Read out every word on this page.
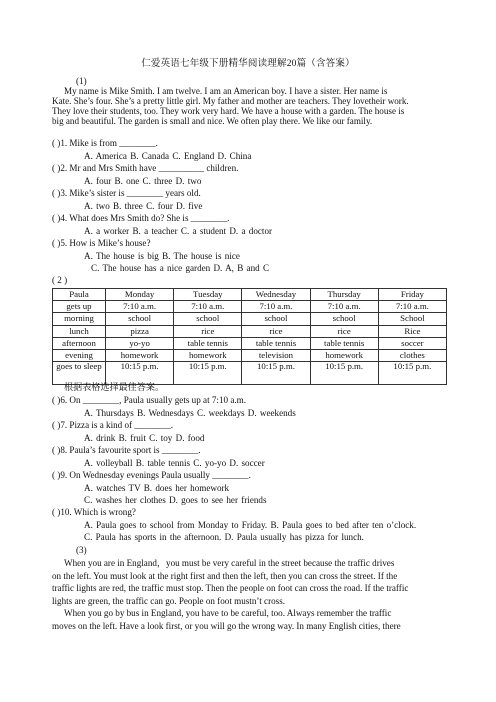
仁爱英语七年级下册精华阅读理解20篇（含答案）
(1)
My name is Mike Smith. I am twelve. I am an American boy. I have a sister. Her name is
Kate. She’s four. She’s a pretty little girl. My father and mother are teachers. They lovetheir work.
They love their students, too. They work very hard. We have a house with a garden. The house is
big and beautiful. The garden is small and nice. We often play there. We like our family.
( )1. Mike is from ________.
A. America B. Canada C. England D. China
( )2. Mr and Mrs Smith have __________ children.
A. four B. one C. three D. two
( )3. Mike’s sister is ________ years old.
A. two B. three C. four D. five
( )4. What does Mrs Smith do? She is ________.
A. a worker B. a teacher C. a student D. a doctor
( )5. How is Mike’s house?
A. The house is big B. The house is nice
C. The house has a nice garden D. A, B and C
( 2 )
Paula	Monday	Tuesday	Wednesday	Thursday	Friday
gets up	7:10 a.m.	7:10 a.m.	7:10 a.m.	7:10 a.m.	7:10 a.m.
morning	school	school	school	school	School
lunch	pizza	rice	rice	rice	Rice
afternoon	yo-yo	table tennis	table tennis	table tennis	soccer
evening	homework	homework	television	homework	clothes
goes to sleep	10:15 p.m.	10:15 p.m.	10:15 p.m.	10:15 p.m.	10:15 p.m.
根据表格选择最佳答案。
( )6. On ________, Paula usually gets up at 7:10 a.m.
A. Thursdays B. Wednesdays C. weekdays D. weekends
( )7. Pizza is a kind of ________.
A. drink B. fruit C. toy D. food
( )8. Paula’s favourite sport is ________.
A. volleyball B. table tennis C. yo-yo D. soccer
( )9. On Wednesday evenings Paula usually ________.
A. watches TV B. does her homework
C. washes her clothes D. goes to see her friends
( )10. Which is wrong?
A. Paula goes to school from Monday to Friday. B. Paula goes to bed after ten o’clock.
C. Paula has sports in the afternoon. D. Paula usually has pizza for lunch.
(3)
When you are in England，you must be very careful in the street because the traffic drives
on the left. You must look at the right first and then the left, then you can cross the street. If the
traffic lights are red, the traffic must stop. Then the people on foot can cross the road. If the traffic
lights are green, the traffic can go. People on foot mustn’t cross.
When you go by bus in England, you have to be careful, too. Always remember the traffic
moves on the left. Have a look first, or you will go the wrong way. In many English cities, there
